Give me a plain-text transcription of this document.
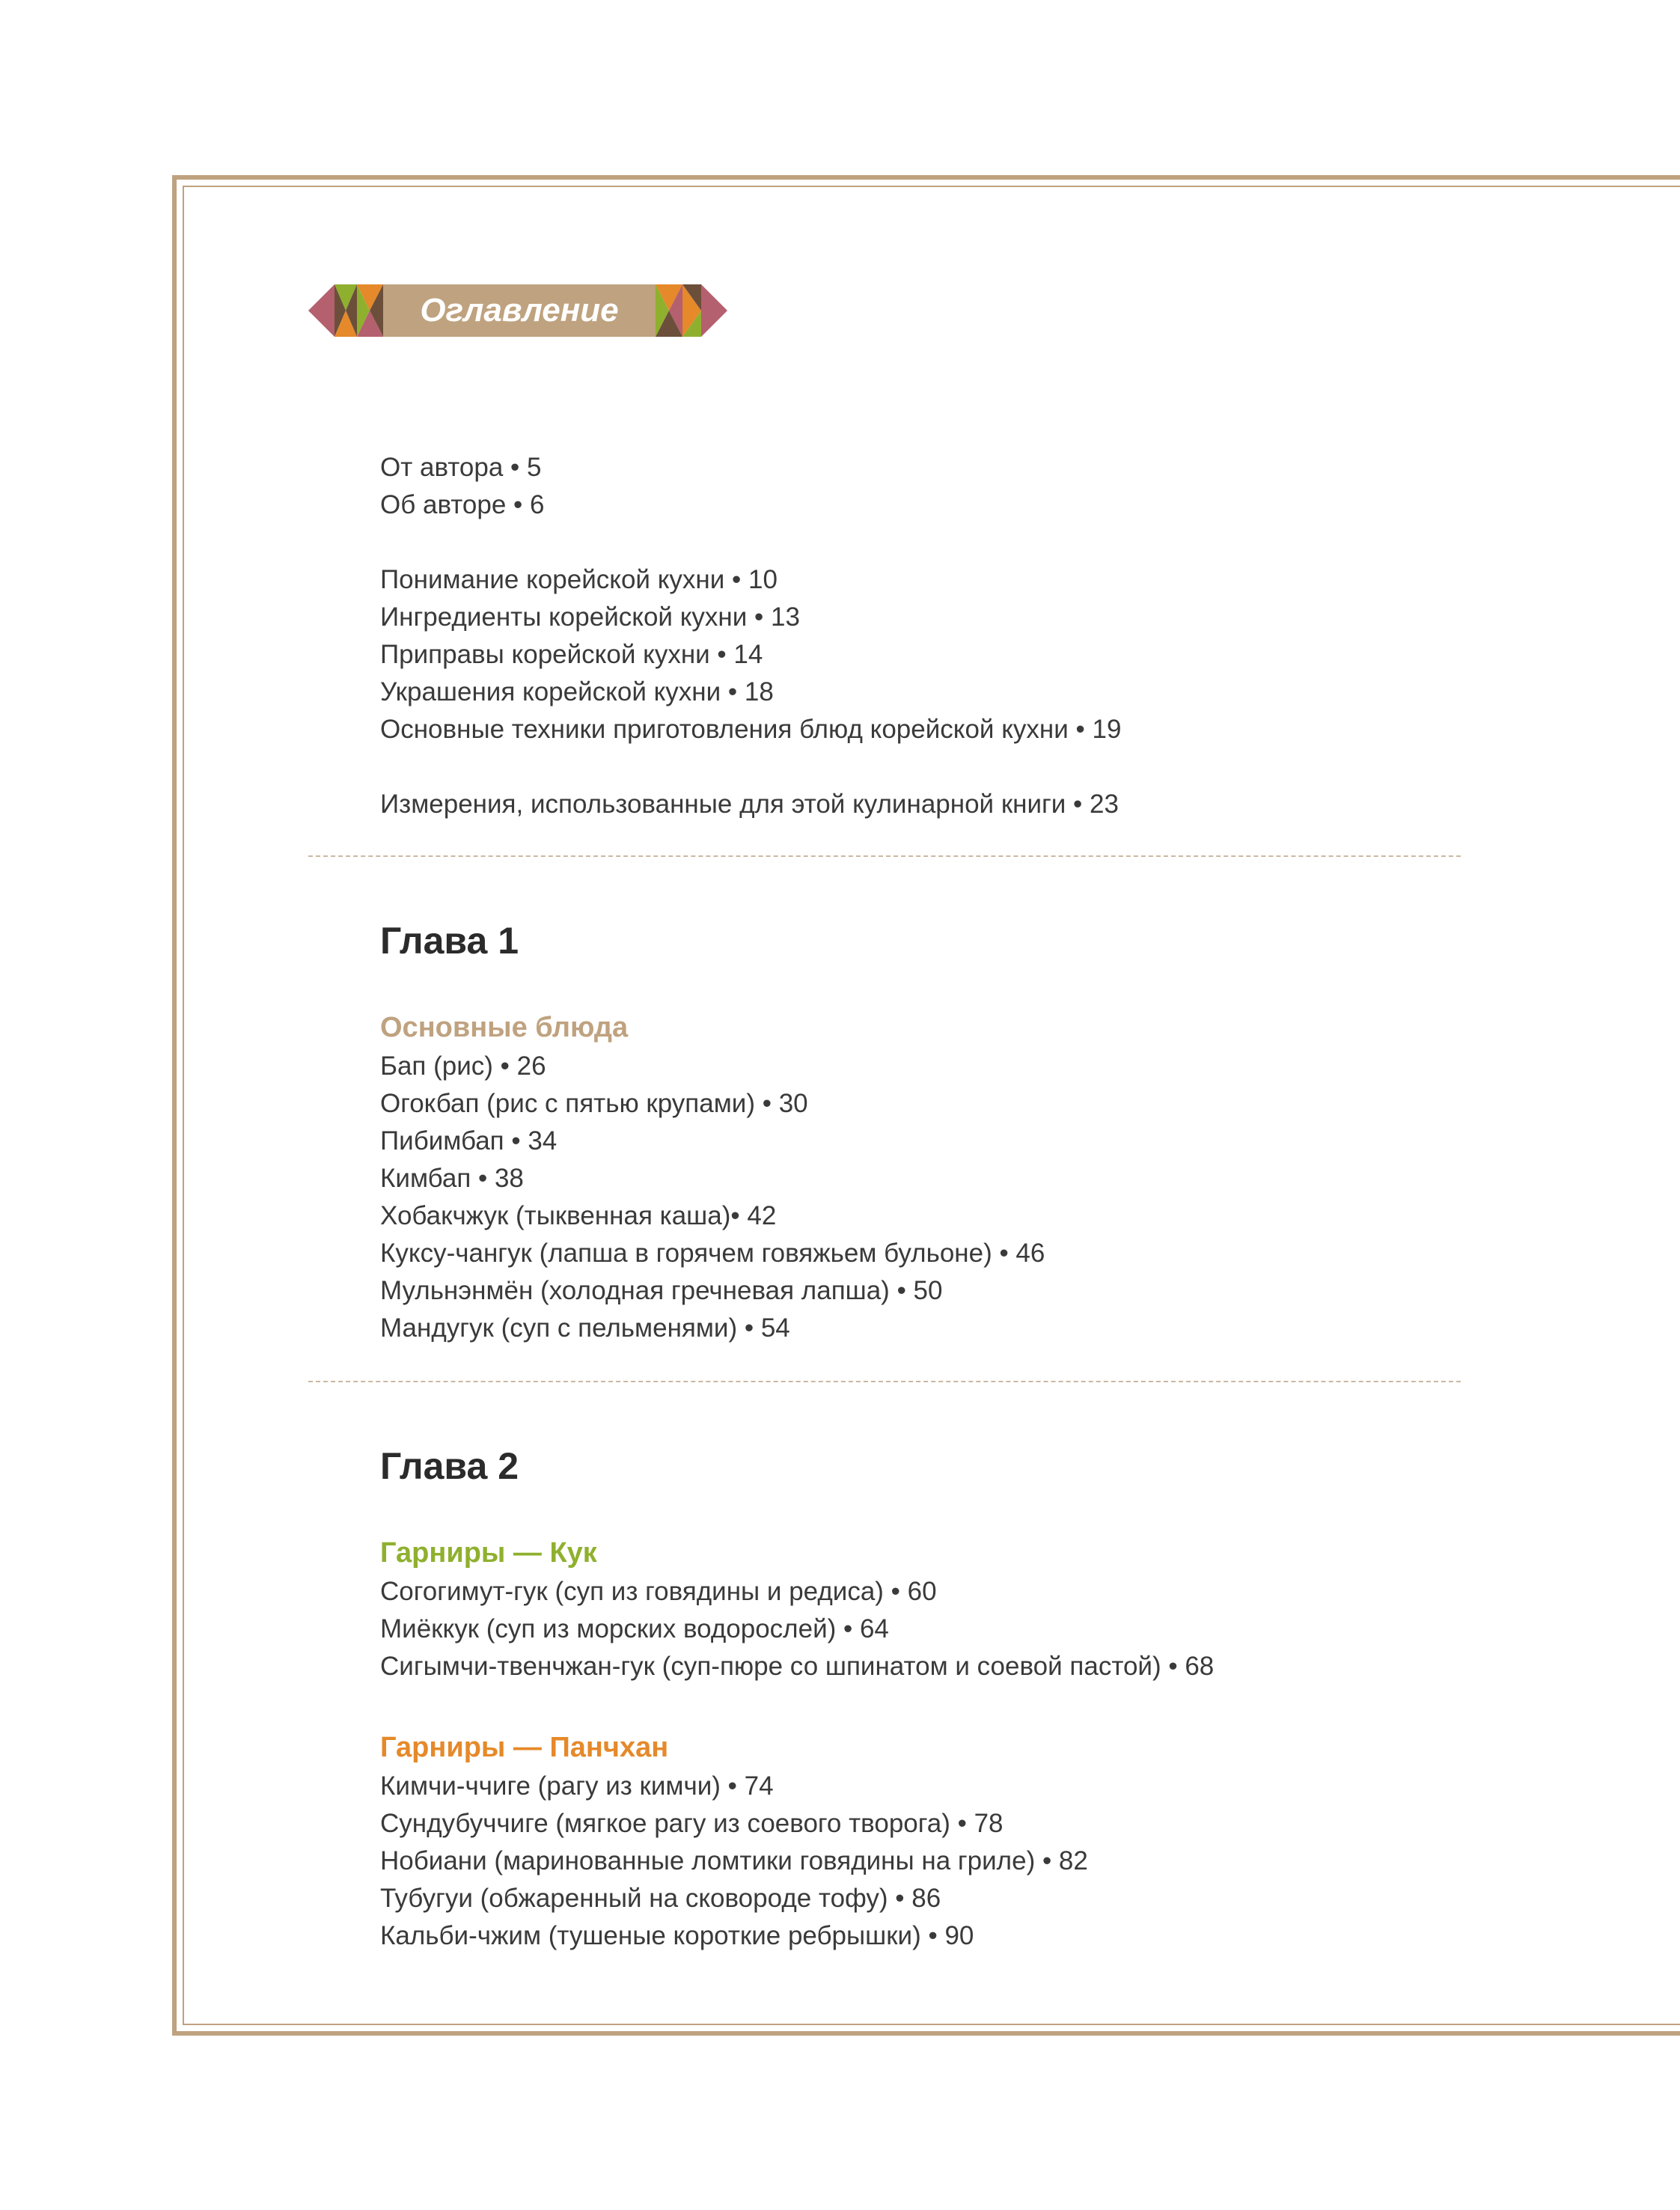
Оглавление
От автора • 5
Об авторе • 6
Понимание корейской кухни • 10
Ингредиенты корейской кухни • 13
Приправы корейской кухни • 14
Украшения корейской кухни • 18
Основные техники приготовления блюд корейской кухни • 19
Измерения, использованные для этой кулинарной книги • 23
Глава 1
Основные блюда
Бап (рис) • 26
Огокбап (рис с пятью крупами) • 30
Пибимбап • 34
Кимбап • 38
Хобакчжук (тыквенная каша)• 42
Куксу-чангук (лапша в горячем говяжьем бульоне) • 46
Мульнэнмён (холодная гречневая лапша) • 50
Мандугук (суп с пельменями) • 54
Глава 2
Гарниры — Кук
Согогимут-гук (суп из говядины и редиса) • 60
Миёккук (суп из морских водорослей) • 64
Сигымчи-твенчжан-гук (суп-пюре со шпинатом и соевой пастой) • 68
Гарниры — Панчхан
Кимчи-ччиге (рагу из кимчи) • 74
Сундубуччиге (мягкое рагу из соевого творога) • 78
Нобиани (маринованные ломтики говядины на гриле) • 82
Тубугуи (обжаренный на сковороде тофу) • 86
Кальби-чжим (тушеные короткие ребрышки) • 90
